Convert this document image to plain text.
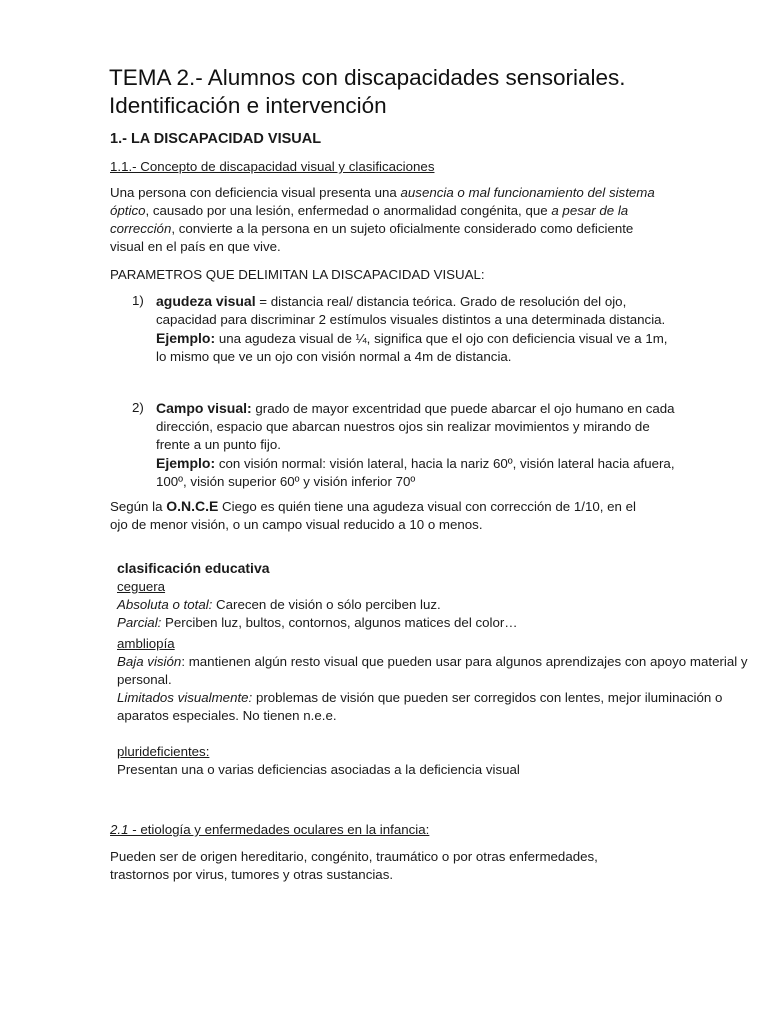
TEMA 2.- Alumnos con discapacidades sensoriales.
Identificación e intervención
1.- LA DISCAPACIDAD VISUAL
1.1.- Concepto de discapacidad visual y clasificaciones
Una persona con deficiencia visual presenta una ausencia o mal funcionamiento del sistema óptico, causado por una lesión, enfermedad o anormalidad congénita, que a pesar de la corrección, convierte a la persona en un sujeto oficialmente considerado como deficiente visual en el país en que vive.
PARAMETROS QUE DELIMITAN LA DISCAPACIDAD VISUAL:
1) agudeza visual = distancia real/ distancia teórica. Grado de resolución del ojo, capacidad para discriminar 2 estímulos visuales distintos a una determinada distancia.
Ejemplo: una agudeza visual de ¼, significa que el ojo con deficiencia visual ve a 1m, lo mismo que ve un ojo con visión normal a 4m de distancia.
2) Campo visual: grado de mayor excentridad que puede abarcar el ojo humano en cada dirección, espacio que abarcan nuestros ojos sin realizar movimientos y mirando de frente a un punto fijo.
Ejemplo: con visión normal: visión lateral, hacia la nariz 60º, visión lateral hacia afuera, 100º, visión superior 60º y visión inferior 70º
Según la O.N.C.E Ciego es quién tiene una agudeza visual con corrección de 1/10, en el ojo de menor visión, o un campo visual reducido a 10 o menos.
clasificación educativa
ceguera
Absoluta o total: Carecen de visión o sólo perciben luz.
Parcial: Perciben luz, bultos, contornos, algunos matices del color…
ambliopía
Baja visión: mantienen algún resto visual que pueden usar para algunos aprendizajes con apoyo material y personal.
Limitados visualmente: problemas de visión que pueden ser corregidos con lentes, mejor iluminación o aparatos especiales. No tienen n.e.e.
plurideficientes:
Presentan una o varias deficiencias asociadas a la deficiencia visual
2.1 - etiología y enfermedades oculares en la infancia:
Pueden ser de origen hereditario, congénito, traumático o por otras enfermedades, trastornos por virus, tumores y otras sustancias.
